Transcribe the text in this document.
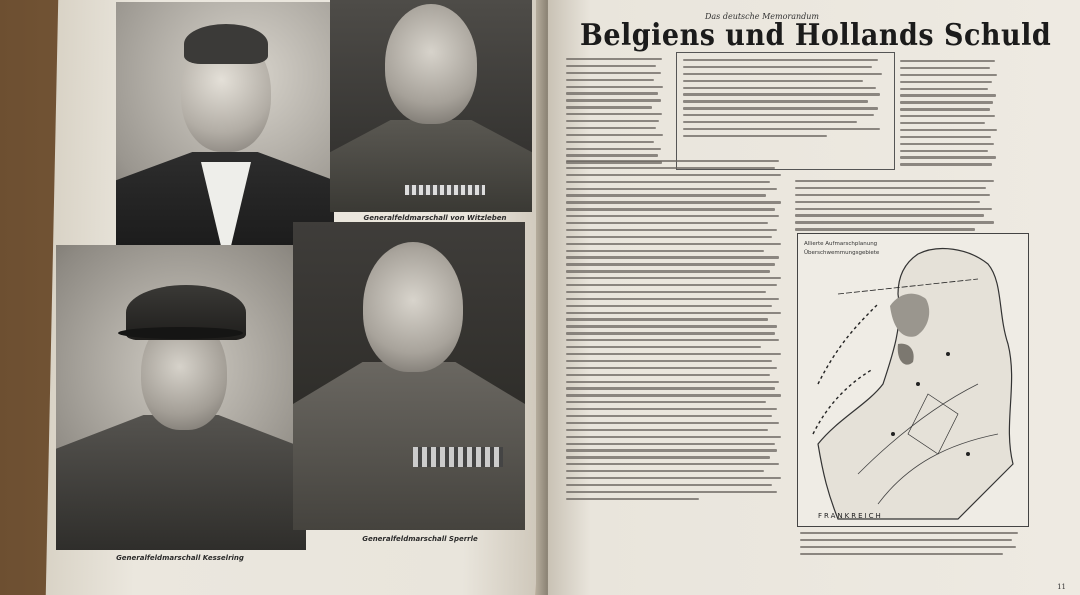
Generalfeldmarschall von Witzleben
Generalfeldmarschall Kesselring
Generalfeldmarschall Sperrle
Das deutsche Memorandum
Belgiens und Hollands Schuld
Allierte Aufmarschplanung
Überschwemmungsgebiete
FRANKREICH
11
